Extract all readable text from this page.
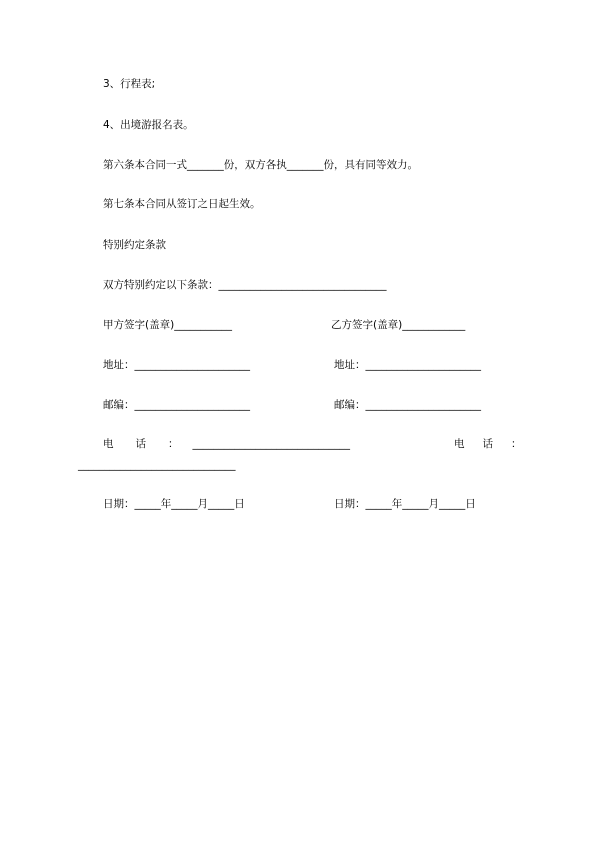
3、行程表;
4、出境游报名表。
第六条本合同一式_______份，双方各执_______份，具有同等效力。
第七条本合同从签订之日起生效。
特别约定条款
双方特别约定以下条款：________________________________
甲方签字(盖章)___________	乙方签字(盖章)____________
地址：______________________	地址：______________________
邮编：______________________	邮编：______________________
电 话 ： ______________________________	电 话 ：
______________________________
日期：_____年_____月_____日	日期：_____年_____月_____日
